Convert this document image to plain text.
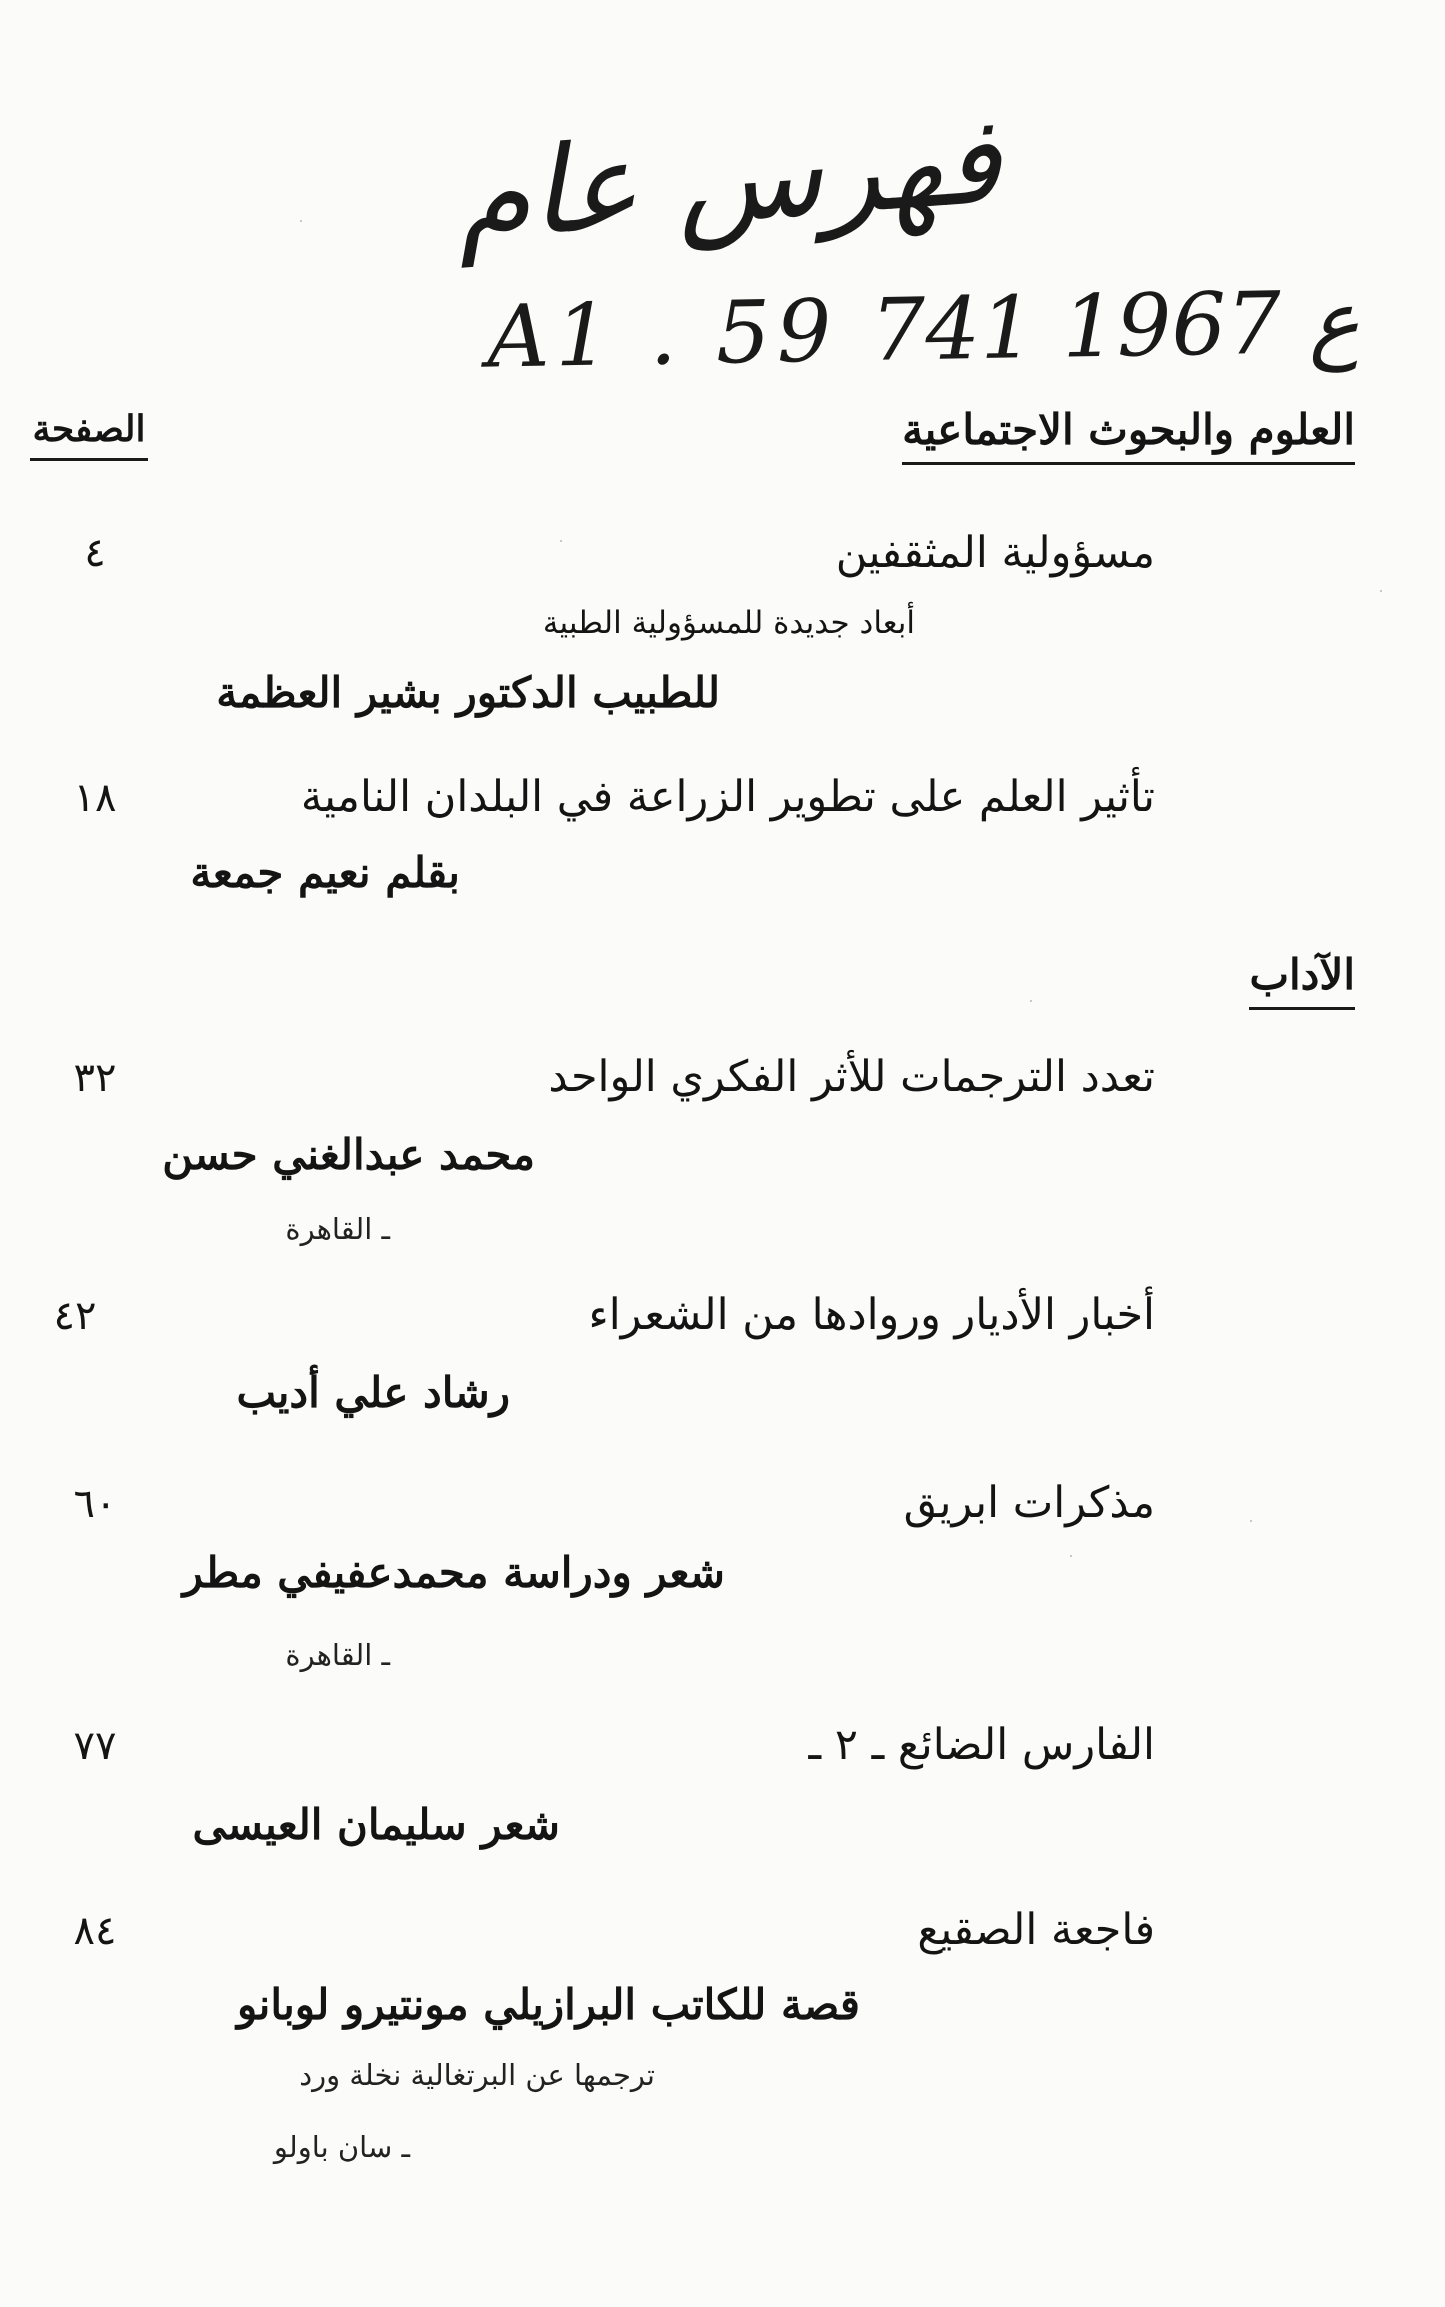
فهرس عام
A1 . 59 ع 1967 741
الصفحة	العلوم والبحوث الاجتماعية
مسؤولية المثقفين
٤
أبعاد جديدة للمسؤولية الطبية
للطبيب الدكتور بشير العظمة
تأثير العلم على تطوير الزراعة في البلدان النامية
١٨
بقلم نعيم جمعة
الآداب
تعدد الترجمات للأثر الفكري الواحد
٣٢
محمد عبدالغني حسن
ـ القاهرة
أخبار الأديار وروادها من الشعراء
٤٢
رشاد علي أديب
مذكرات ابريق
٦٠
شعر ودراسة محمدعفيفي مطر
ـ القاهرة
الفارس الضائع ـ ٢ ـ
٧٧
شعر سليمان العيسى
فاجعة الصقيع
٨٤
قصة للكاتب البرازيلي مونتيرو لوبانو
ترجمها عن البرتغالية نخلة ورد
ـ سان باولو
